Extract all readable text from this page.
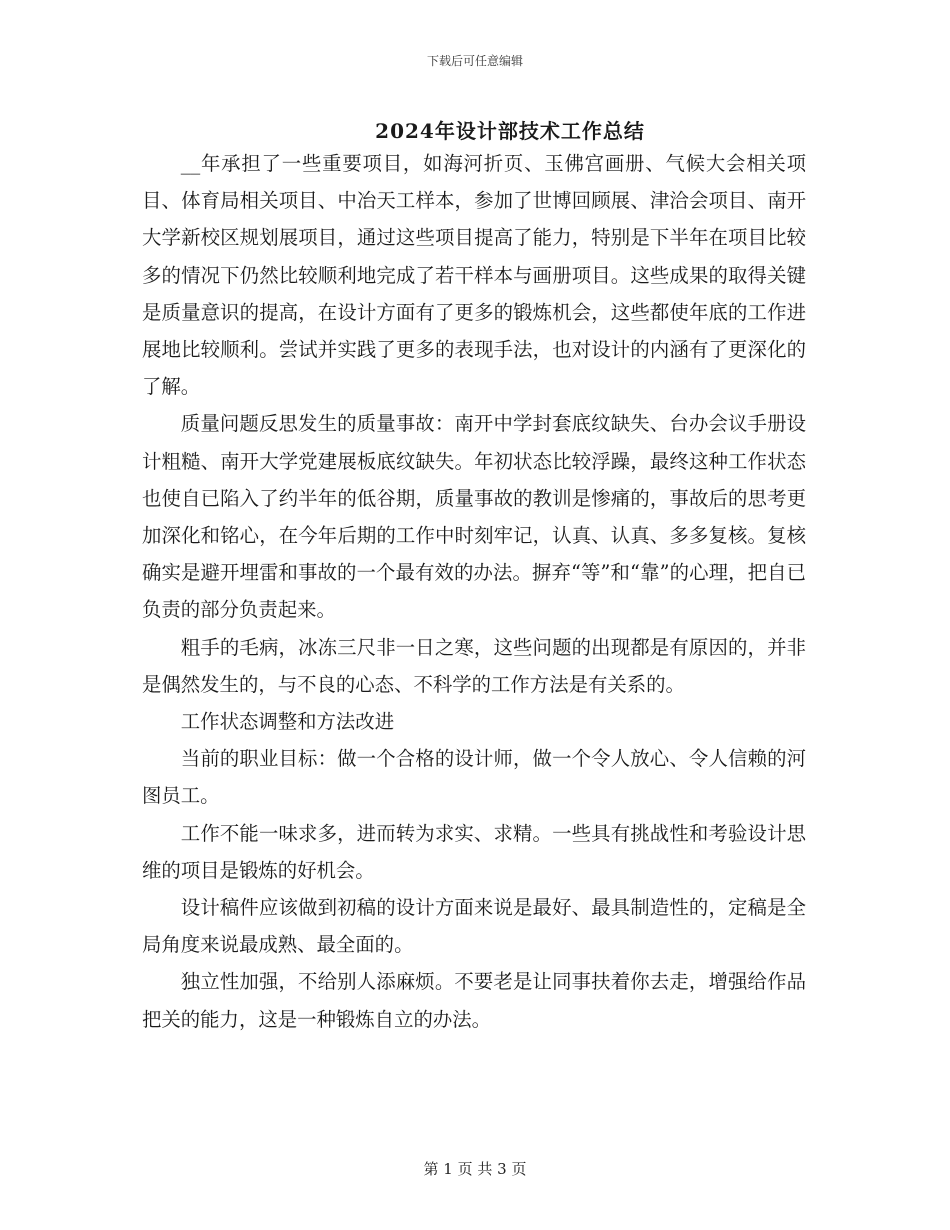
下载后可任意编辑
2024年设计部技术工作总结

__年承担了一些重要项目，如海河折页、玉佛宫画册、气候大会相关项目、体育局相关项目、中冶天工样本，参加了世博回顾展、津洽会项目、南开大学新校区规划展项目，通过这些项目提高了能力，特别是下半年在项目比较多的情况下仍然比较顺利地完成了若干样本与画册项目。这些成果的取得关键是质量意识的提高，在设计方面有了更多的锻炼机会，这些都使年底的工作进展地比较顺利。尝试并实践了更多的表现手法，也对设计的内涵有了更深化的了解。

质量问题反思发生的质量事故：南开中学封套底纹缺失、台办会议手册设计粗糙、南开大学党建展板底纹缺失。年初状态比较浮躁，最终这种工作状态也使自已陷入了约半年的低谷期，质量事故的教训是惨痛的，事故后的思考更加深化和铭心，在今年后期的工作中时刻牢记，认真、认真、多多复核。复核确实是避开埋雷和事故的一个最有效的办法。摒弃“等”和“靠”的心理，把自已负责的部分负责起来。

粗手的毛病，冰冻三尺非一日之寒，这些问题的出现都是有原因的，并非是偶然发生的，与不良的心态、不科学的工作方法是有关系的。

工作状态调整和方法改进

当前的职业目标：做一个合格的设计师，做一个令人放心、令人信赖的河图员工。

工作不能一味求多，进而转为求实、求精。一些具有挑战性和考验设计思维的项目是锻炼的好机会。

设计稿件应该做到初稿的设计方面来说是最好、最具制造性的，定稿是全局角度来说最成熟、最全面的。

独立性加强，不给别人添麻烦。不要老是让同事扶着你去走，增强给作品把关的能力，这是一种锻炼自立的办法。

第 1 页 共 3 页
